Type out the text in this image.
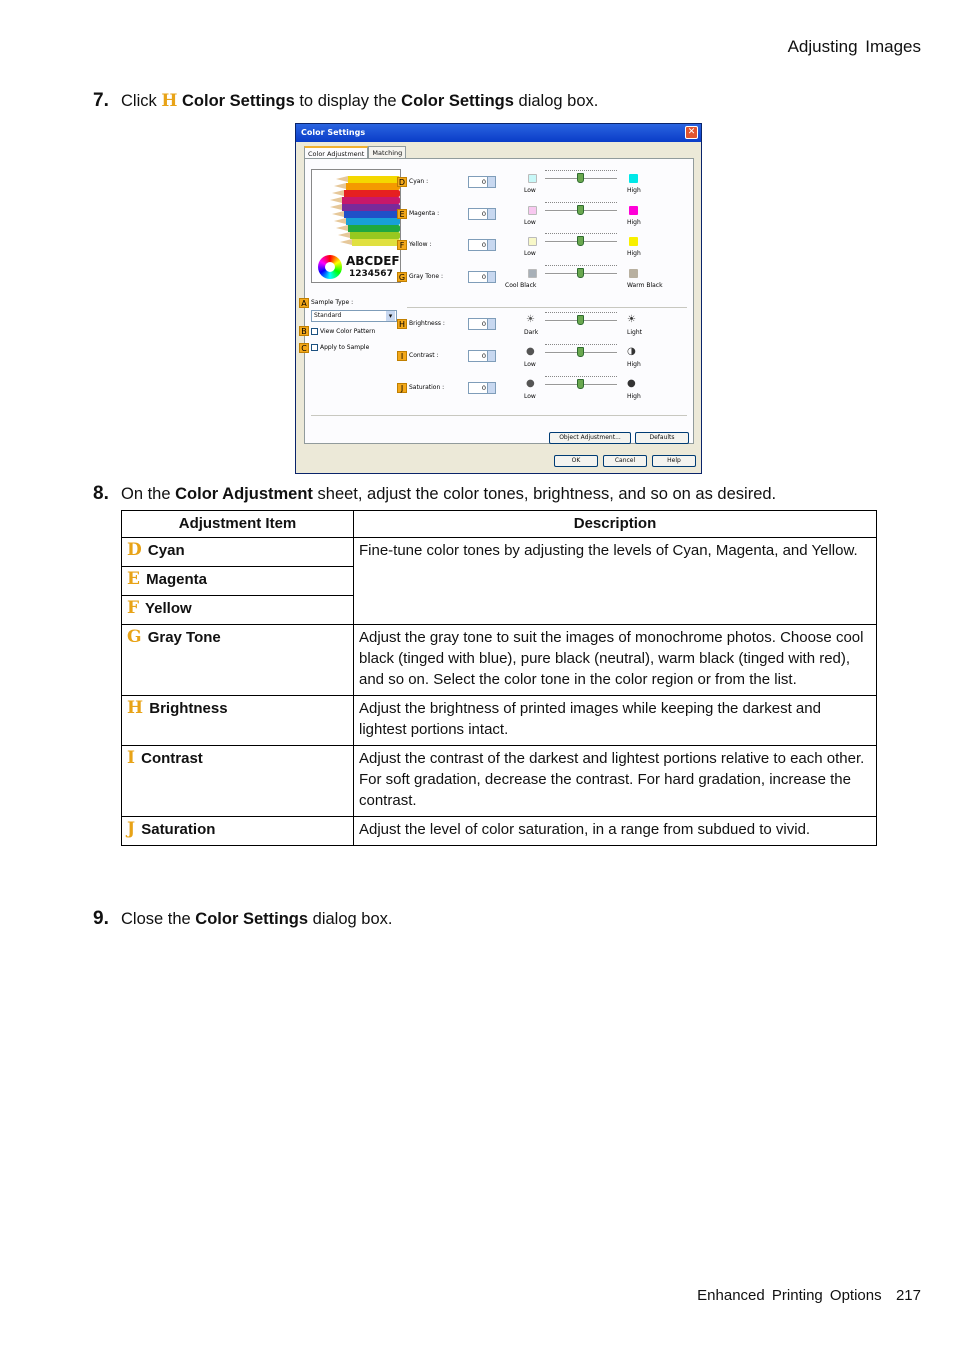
Adjusting Images
7. Click H Color Settings to display the Color Settings dialog box.
Color Settings	✕
Color Adjustment	Matching
ABCDEF
1234567
A Sample Type :
Standard ▾
B	View Color Pattern
C	Apply to Sample
D Cyan :	0
Low	High
E Magenta :	0
Low	High
F Yellow :	0
Low	High
G Gray Tone :	0
Cool Black	Warm Black
H Brightness :	0	☀	☀
Dark	Light
I Contrast :	0	●	◑
Low	High
J Saturation :	0	●	●
Low	High
Object Adjustment...	Defaults
OK	Cancel	Help
8. On the Color Adjustment sheet, adjust the color tones, brightness, and so on as desired.
Adjustment Item	Description
D Cyan	Fine-tune color tones by adjusting the levels of Cyan, Magenta, and Yellow.
E Magenta	
F Yellow	
G Gray Tone	Adjust the gray tone to suit the images of monochrome photos. Choose cool black (tinged with blue), pure black (neutral), warm black (tinged with red), and so on. Select the color tone in the color region or from the list.
H Brightness	Adjust the brightness of printed images while keeping the darkest and lightest portions intact.
I Contrast	Adjust the contrast of the darkest and lightest portions relative to each other.
For soft gradation, decrease the contrast. For hard gradation, increase the contrast.

J Saturation	Adjust the level of color saturation, in a range from subdued to vivid.
9. Close the Color Settings dialog box.
Enhanced Printing Options 217
